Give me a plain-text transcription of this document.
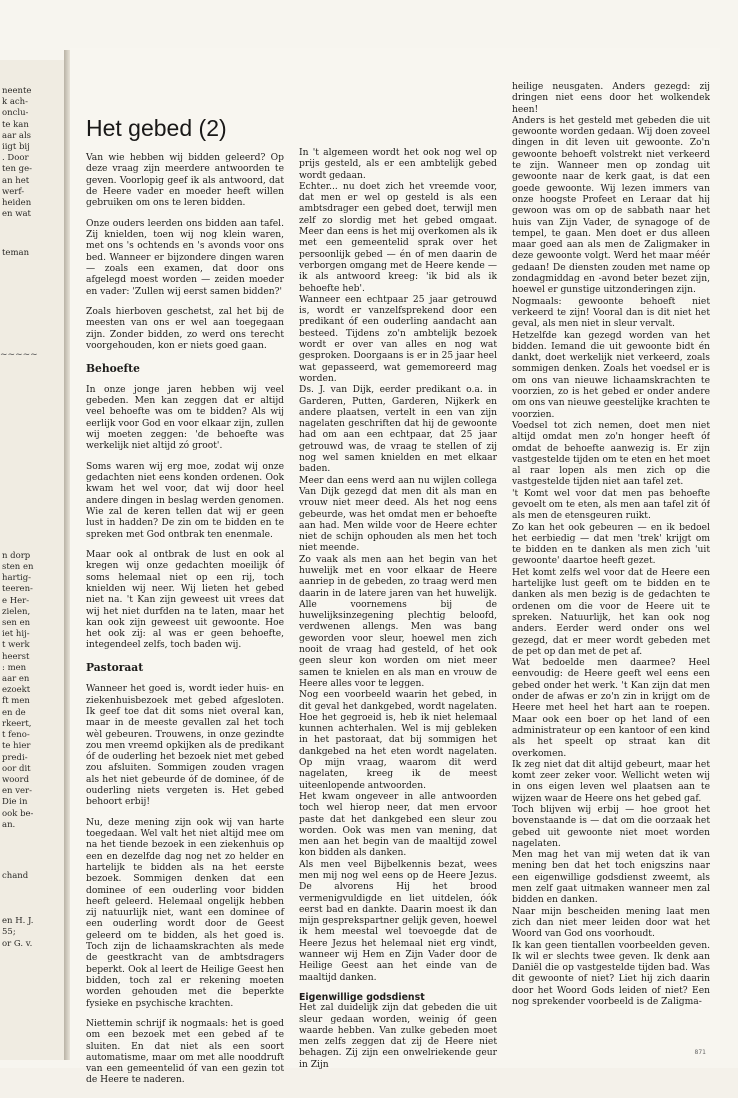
neente
k ach-
onclu-
te kan
aar als
iigt bij
. Door
ten ge-
an het
werf-
heiden
en wat
teman
~~~~~
n dorp
sten en
hartig-
teeren-
e Her-
zielen,
sen en
iet hij-
t werk
heerst
: men
aar en
ezoekt
ft men
en de
rkeert,
t feno-
te hier
predi-
oor dit
woord
en ver-
Die in
ook be-
an.
chand
en H. J.
55;
or G. v.
Het gebed (2)

Van wie hebben wij bidden geleerd? Op deze vraag zijn meerdere antwoorden te geven. Voorlopig geef ik als antwoord, dat de Heere vader en moeder heeft willen gebruiken om ons te leren bidden.

Onze ouders leerden ons bidden aan tafel. Zij knielden, toen wij nog klein waren, met ons 's ochtends en 's avonds voor ons bed. Wanneer er bijzondere dingen waren — zoals een examen, dat door ons afgelegd moest worden — zeiden moeder en vader: 'Zullen wij eerst samen bidden?'

Zoals hierboven geschetst, zal het bij de meesten van ons er wel aan toegegaan zijn. Zonder bidden, zo werd ons terecht voorgehouden, kon er niets goed gaan.

Behoefte

In onze jonge jaren hebben wij veel gebeden. Men kan zeggen dat er altijd veel behoefte was om te bidden? Als wij eerlijk voor God en voor elkaar zijn, zullen wij moeten zeggen: 'de behoefte was werkelijk niet altijd zó groot'.

Soms waren wij erg moe, zodat wij onze gedachten niet eens konden ordenen. Ook kwam het wel voor, dat wij door heel andere dingen in beslag werden genomen. Wie zal de keren tellen dat wij er geen lust in hadden? De zin om te bidden en te spreken met God ontbrak ten enenmale.

Maar ook al ontbrak de lust en ook al kregen wij onze gedachten moeilijk óf soms helemaal niet op een rij, toch knielden wij neer. Wij lieten het gebed niet na. 't Kan zijn geweest uit vrees dat wij het niet durfden na te laten, maar het kan ook zijn geweest uit gewoonte. Hoe het ook zij: al was er geen behoefte, integendeel zelfs, toch baden wij.

Pastoraat

Wanneer het goed is, wordt ieder huis- en ziekenhuisbezoek met gebed afgesloten. Ik geef toe dat dit soms niet overal kan, maar in de meeste gevallen zal het toch wèl gebeuren. Trouwens, in onze gezindte zou men vreemd opkijken als de predikant óf de ouderling het bezoek niet met gebed zou afsluiten. Sommigen zouden vragen als het niet gebeurde óf de dominee, óf de ouderling niets vergeten is. Het gebed behoort erbij!

Nu, deze mening zijn ook wij van harte toegedaan. Wel valt het niet altijd mee om na het tiende bezoek in een ziekenhuis op een en dezelfde dag nog net zo helder en hartelijk te bidden als na het eerste bezoek. Sommigen denken dat een dominee of een ouderling voor bidden heeft geleerd. Helemaal ongelijk hebben zij natuurlijk niet, want een dominee of een ouderling wordt door de Geest geleerd om te bidden, als het goed is. Toch zijn de lichaamskrachten als mede de geestkracht van de ambtsdragers beperkt. Ook al leert de Heilige Geest hen bidden, toch zal er rekening moeten worden gehouden met die beperkte fysieke en psychische krachten.

Niettemin schrijf ik nogmaals: het is goed om een bezoek met een gebed af te sluiten. En dat niet als een soort automatisme, maar om met alle nooddruft van een gemeentelid óf van een gezin tot de Heere te naderen.

In 't algemeen wordt het ook nog wel op prijs gesteld, als er een ambtelijk gebed wordt gedaan.

Echter... nu doet zich het vreemde voor, dat men er wel op gesteld is als een ambtsdrager een gebed doet, terwijl men zelf zo slordig met het gebed omgaat. Meer dan eens is het mij overkomen als ik met een gemeentelid sprak over het persoonlijk gebed — én of men daarin de verborgen omgang met de Heere kende — ik als antwoord kreeg: 'ik bid als ik behoefte heb'.

Wanneer een echtpaar 25 jaar getrouwd is, wordt er vanzelfsprekend door een predikant óf een ouderling aandacht aan besteed. Tijdens zo'n ambtelijk bezoek wordt er over van alles en nog wat gesproken. Doorgaans is er in 25 jaar heel wat gepasseerd, wat gememoreerd mag worden.

Ds. J. van Dijk, eerder predikant o.a. in Garderen, Putten, Garderen, Nijkerk en andere plaatsen, vertelt in een van zijn nagelaten geschriften dat hij de gewoonte had om aan een echtpaar, dat 25 jaar getrouwd was, de vraag te stellen of zij nog wel samen knielden en met elkaar baden.

Meer dan eens werd aan nu wijlen collega Van Dijk gezegd dat men dit als man en vrouw niet meer deed. Als het nog eens gebeurde, was het omdat men er behoefte aan had. Men wilde voor de Heere echter niet de schijn ophouden als men het toch niet meende.

Zo vaak als men aan het begin van het huwelijk met en voor elkaar de Heere aanriep in de gebeden, zo traag werd men daarin in de latere jaren van het huwelijk. Alle voornemens bij de huwelijksinzegening plechtig beloofd, verdwenen allengs. Men was bang geworden voor sleur, hoewel men zich nooit de vraag had gesteld, of het ook geen sleur kon worden om niet meer samen te knielen en als man en vrouw de Heere alles voor te leggen.

Nog een voorbeeld waarin het gebed, in dit geval het dankgebed, wordt nagelaten. Hoe het gegroeid is, heb ik niet helemaal kunnen achterhalen. Wel is mij gebleken in het pastoraat, dat bij sommigen het dankgebed na het eten wordt nagelaten. Op mijn vraag, waarom dit werd nagelaten, kreeg ik de meest uiteenlopende antwoorden.

Het kwam ongeveer in alle antwoorden toch wel hierop neer, dat men ervoor paste dat het dankgebed een sleur zou worden. Ook was men van mening, dat men aan het begin van de maaltijd zowel kon bidden als danken.

Als men veel Bijbelkennis bezat, wees men mij nog wel eens op de Heere Jezus. De alvorens Hij het brood vermenigvuldigde en liet uitdelen, óók eerst bad en dankte. Daarin moest ik dan mijn gesprekspartner gelijk geven, hoewel ik hem meestal wel toevoegde dat de Heere Jezus het helemaal niet erg vindt, wanneer wij Hem en Zijn Vader door de Heilige Geest aan het einde van de maaltijd danken.

Eigenwillige godsdienst

Het zal duidelijk zijn dat gebeden die uit sleur gedaan worden, weinig óf geen waarde hebben. Van zulke gebeden moet men zelfs zeggen dat zij de Heere niet behagen. Zij zijn een onwelriekende geur in Zijn

heilige neusgaten. Anders gezegd: zij dringen niet eens door het wolkendek heen!

Anders is het gesteld met gebeden die uit gewoonte worden gedaan. Wij doen zoveel dingen in dit leven uit gewoonte. Zo'n gewoonte behoeft volstrekt niet verkeerd te zijn. Wanneer men op zondag uit gewoonte naar de kerk gaat, is dat een goede gewoonte. Wij lezen immers van onze hoogste Profeet en Leraar dat hij gewoon was om op de sabbath naar het huis van Zijn Vader, de synagoge of de tempel, te gaan. Men doet er dus alleen maar goed aan als men de Zaligmaker in deze gewoonte volgt. Werd het maar méér gedaan! De diensten zouden met name op zondagmiddag en -avond beter bezet zijn, hoewel er gunstige uitzonderingen zijn.

Nogmaals: gewoonte behoeft niet verkeerd te zijn! Vooral dan is dit niet het geval, als men niet in sleur vervalt.

Hetzelfde kan gezegd worden van het bidden. Iemand die uit gewoonte bidt én dankt, doet werkelijk niet verkeerd, zoals sommigen denken. Zoals het voedsel er is om ons van nieuwe lichaamskrachten te voorzien, zo is het gebed er onder andere om ons van nieuwe geestelijke krachten te voorzien.

Voedsel tot zich nemen, doet men niet altijd omdat men zo'n honger heeft óf omdat de behoefte aanwezig is. Er zijn vastgestelde tijden om te eten en het moet al raar lopen als men zich op die vastgestelde tijden niet aan tafel zet.

't Komt wel voor dat men pas behoefte gevoelt om te eten, als men aan tafel zit óf als men de etensgeuren ruikt.

Zo kan het ook gebeuren — en ik bedoel het eerbiedig — dat men 'trek' krijgt om te bidden en te danken als men zich 'uit gewoonte' daartoe heeft gezet.

Het komt zelfs wel voor dat de Heere een hartelijke lust geeft om te bidden en te danken als men bezig is de gedachten te ordenen om die voor de Heere uit te spreken. Natuurlijk, het kan ook nog anders. Eerder werd onder ons wel gezegd, dat er meer wordt gebeden met de pet op dan met de pet af.

Wat bedoelde men daarmee? Heel eenvoudig: de Heere geeft wel eens een gebed onder het werk. 't Kan zijn dat men onder de afwas er zo'n zin in krijgt om de Heere met heel het hart aan te roepen. Maar ook een boer op het land of een administrateur op een kantoor of een kind als het speelt op straat kan dit overkomen.

Ik zeg niet dat dit altijd gebeurt, maar het komt zeer zeker voor. Wellicht weten wij in ons eigen leven wel plaatsen aan te wijzen waar de Heere ons het gebed gaf.

Toch blijven wij erbij — hoe groot het bovenstaande is — dat om die oorzaak het gebed uit gewoonte niet moet worden nagelaten.

Men mag het van mij weten dat ik van mening ben dat het toch enigszins naar een eigenwillige godsdienst zweemt, als men zelf gaat uitmaken wanneer men zal bidden en danken.

Naar mijn bescheiden mening laat men zich dan niet meer leiden door wat het Woord van God ons voorhoudt.

Ik kan geen tientallen voorbeelden geven. Ik wil er slechts twee geven. Ik denk aan Daniël die op vastgestelde tijden bad. Was dit gewoonte of niet? Liet hij zich daarin door het Woord Gods leiden of niet? Een nog sprekender voorbeeld is de Zaligma-

871
